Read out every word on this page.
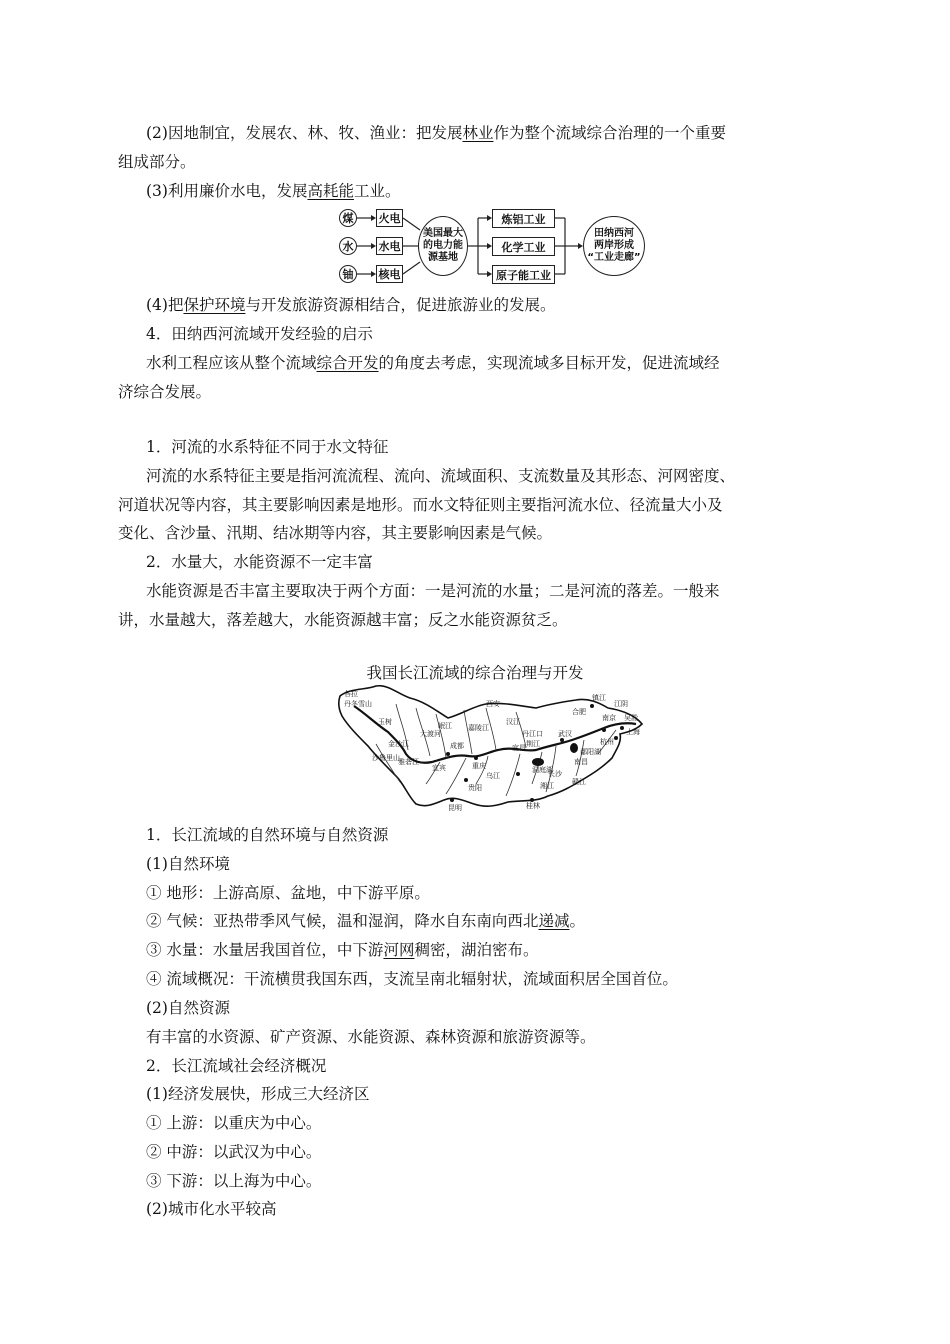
(2)因地制宜，发展农、林、牧、渔业：把发展林业作为整个流域综合治理的一个重要
组成部分。
(3)利用廉价水电，发展高耗能工业。
煤
水
铀
火电
水电
核电
美国最大
的电力能
源基地
炼铝工业
化学工业
原子能工业
田纳西河
两岸形成
“工业走廊”
(4)把保护环境与开发旅游资源相结合，促进旅游业的发展。
4．田纳西河流域开发经验的启示
水利工程应该从整个流域综合开发的角度去考虑，实现流域多目标开发，促进流域经
济综合发展。
1．河流的水系特征不同于水文特征
河流的水系特征主要是指河流流程、流向、流域面积、支流数量及其形态、河网密度、
河道状况等内容，其主要影响因素是地形。而水文特征则主要指河流水位、径流量大小及
变化、含沙量、汛期、结冰期等内容，其主要影响因素是气候。
2．水量大，水能资源不一定丰富
水能资源是否丰富主要取决于两个方面：一是河流的水量；二是河流的落差。一般来
讲，水量越大，落差越大，水能资源越丰富；反之水能资源贫乏。
我国长江流域的综合治理与开发
各拉
丹冬雪山
玉树
金沙江
大渡河
岷江 嘉陵江
汉江
丹江口
成都
重庆
宜宾
乌江
宜昌 荆江
洞庭湖
长沙
湘江	赣江
南昌
鄱阳湖
武汉
合肥
镇江
南京
江阴
吴淞
上海
杭州
贵阳
昆明	桂林
西安
雅砻江
沙鲁里山
1．长江流域的自然环境与自然资源
(1)自然环境
① 地形：上游高原、盆地，中下游平原。
② 气候：亚热带季风气候，温和湿润，降水自东南向西北递减。
③ 水量：水量居我国首位，中下游河网稠密，湖泊密布。
④ 流域概况：干流横贯我国东西，支流呈南北辐射状，流域面积居全国首位。
(2)自然资源
有丰富的水资源、矿产资源、水能资源、森林资源和旅游资源等。
2．长江流域社会经济概况
(1)经济发展快，形成三大经济区
① 上游：以重庆为中心。
② 中游：以武汉为中心。
③ 下游：以上海为中心。
(2)城市化水平较高
